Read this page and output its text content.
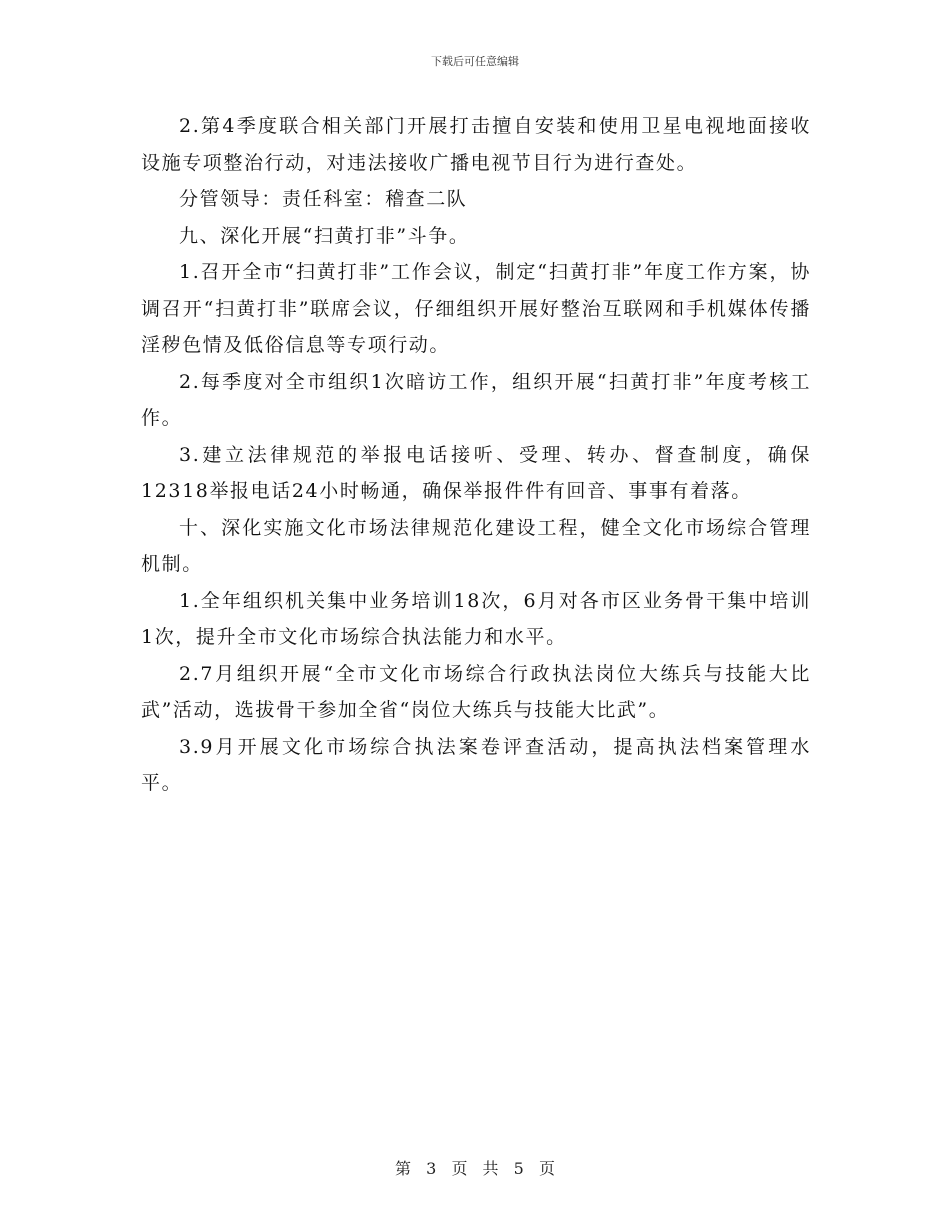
下载后可任意编辑

2.第4季度联合相关部门开展打击擅自安装和使用卫星电视地面接收设施专项整治行动，对违法接收广播电视节目行为进行查处。

分管领导：责任科室：稽查二队

九、深化开展“扫黄打非”斗争。

1.召开全市“扫黄打非”工作会议，制定“扫黄打非”年度工作方案，协调召开“扫黄打非”联席会议，仔细组织开展好整治互联网和手机媒体传播淫秽色情及低俗信息等专项行动。

2.每季度对全市组织1次暗访工作，组织开展“扫黄打非”年度考核工作。

3.建立法律规范的举报电话接听、受理、转办、督查制度，确保12318举报电话24小时畅通，确保举报件件有回音、事事有着落。

十、深化实施文化市场法律规范化建设工程，健全文化市场综合管理机制。

1.全年组织机关集中业务培训18次，6月对各市区业务骨干集中培训1次，提升全市文化市场综合执法能力和水平。

2.7月组织开展“全市文化市场综合行政执法岗位大练兵与技能大比武”活动，选拔骨干参加全省“岗位大练兵与技能大比武”。

3.9月开展文化市场综合执法案卷评查活动，提高执法档案管理水平。

第 3 页 共 5 页
